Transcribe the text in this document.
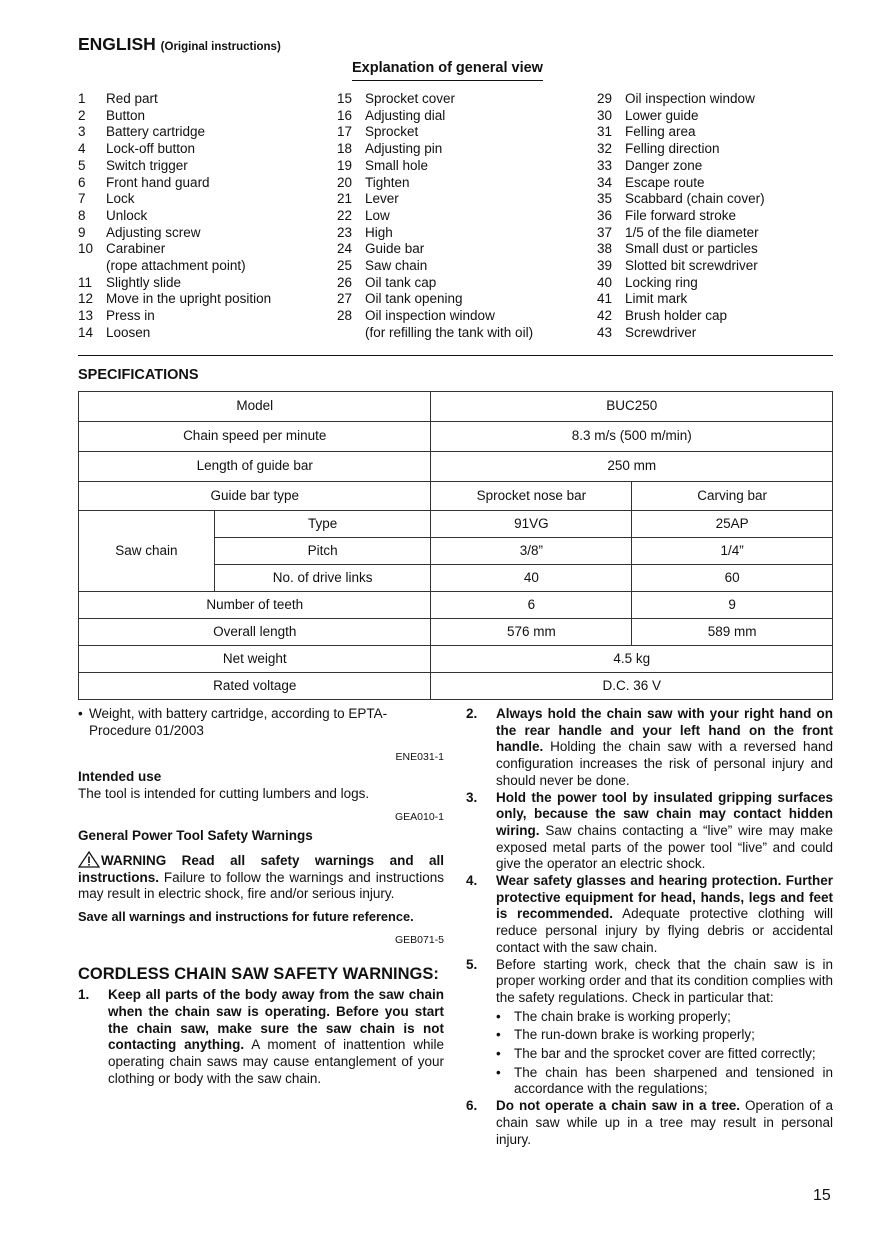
ENGLISH (Original instructions)
Explanation of general view
1	Red part
2	Button
3	Battery cartridge
4	Lock-off button
5	Switch trigger
6	Front hand guard
7	Lock
8	Unlock
9	Adjusting screw
10 Carabiner
(rope attachment point)
11	Slightly slide
12 Move in the upright position
13 Press in
14 Loosen
15 Sprocket cover
16 Adjusting dial
17 Sprocket
18 Adjusting pin
19 Small hole
20 Tighten
21 Lever
22 Low
23 High
24 Guide bar
25 Saw chain
26 Oil tank cap
27 Oil tank opening
28 Oil inspection window
(for refilling the tank with oil)
29 Oil inspection window
30 Lower guide
31 Felling area
32 Felling direction
33 Danger zone
34 Escape route
35 Scabbard (chain cover)
36 File forward stroke
37 1/5 of the file diameter
38 Small dust or particles
39 Slotted bit screwdriver
40 Locking ring
41 Limit mark
42 Brush holder cap
43 Screwdriver
SPECIFICATIONS
Model		BUC250	
Chain speed per minute		8.3 m/s (500 m/min)	
Length of guide bar		250 mm	
Guide bar type		Sprocket nose bar	Carving bar
Saw chain	Type	91VG	25AP
	Pitch	3/8”	1/4”
	No. of drive links	40	60
Number of teeth		6	9
Overall length		576 mm	589 mm
Net weight		4.5 kg	
Rated voltage		D.C. 36 V	
• Weight, with battery cartridge, according to EPTA-Procedure 01/2003
ENE031-1

Intended use

The tool is intended for cutting lumbers and logs.

GEA010-1

General Power Tool Safety Warnings

WARNING Read all safety warnings and all instructions. Failure to follow the warnings and instructions may result in electric shock, fire and/or serious injury.

Save all warnings and instructions for future reference.

GEB071-5

CORDLESS CHAIN SAW SAFETY WARNINGS:

1.	Keep all parts of the body away from the saw chain when the chain saw is operating. Before you start the chain saw, make sure the saw chain is not contacting anything. A moment of inattention while operating chain saws may cause entanglement of your clothing or body with the saw chain.
2.	Always hold the chain saw with your right hand on the rear handle and your left hand on the front handle. Holding the chain saw with a reversed hand configuration increases the risk of personal injury and should never be done.
3.	Hold the power tool by insulated gripping surfaces only, because the saw chain may contact hidden wiring. Saw chains contacting a “live” wire may make exposed metal parts of the power tool “live” and could give the operator an electric shock.
4.	Wear safety glasses and hearing protection. Further protective equipment for head, hands, legs and feet is recommended. Adequate protective clothing will reduce personal injury by flying debris or accidental contact with the saw chain.
5.	Before starting work, check that the chain saw is in proper working order and that its condition complies with the safety regulations. Check in particular that:
• The chain brake is working properly;
• The run-down brake is working properly;
• The bar and the sprocket cover are fitted correctly;
• The chain has been sharpened and tensioned in accordance with the regulations;
6.	Do not operate a chain saw in a tree. Operation of a chain saw while up in a tree may result in personal injury.
15
